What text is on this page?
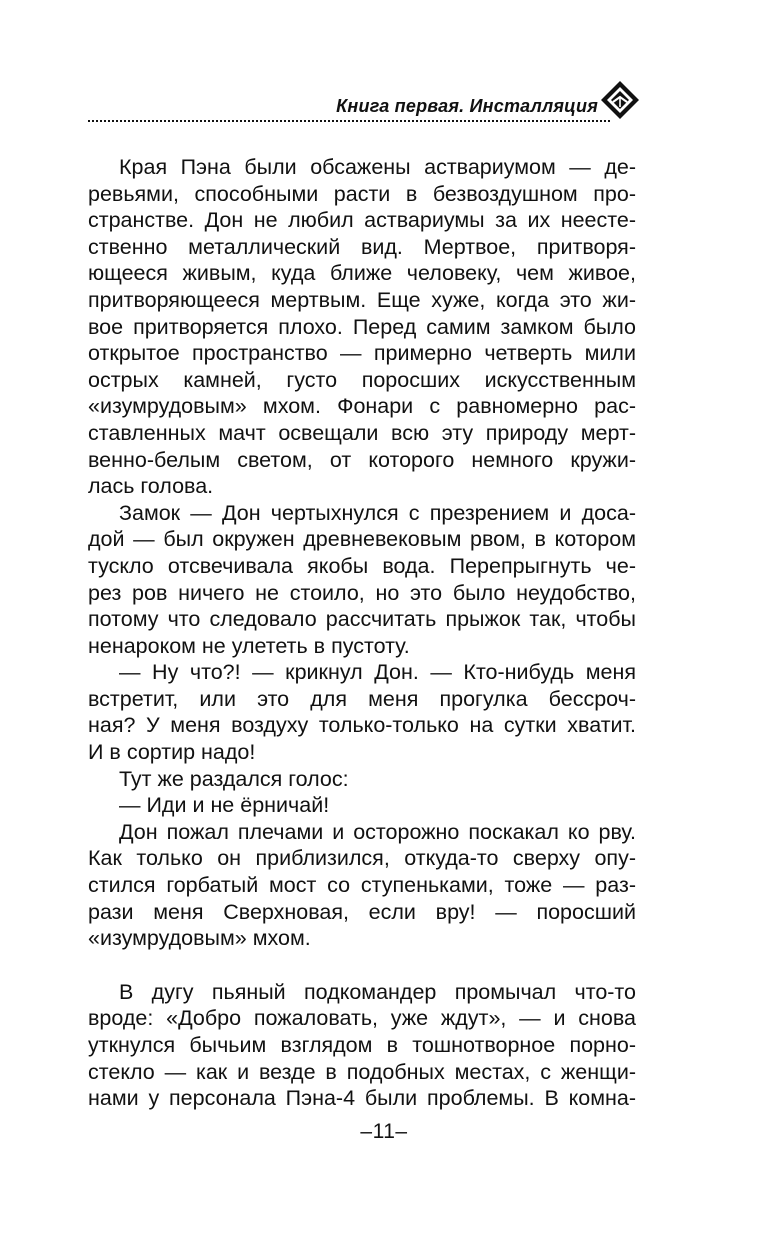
Книга первая. Инсталляция
Края Пэна были обсажены аствариумом — де-
ревьями, способными расти в безвоздушном про-
странстве. Дон не любил аствариумы за их неесте-
ственно металлический вид. Мертвое, притворя-
ющееся живым, куда ближе человеку, чем живое,
притворяющееся мертвым. Еще хуже, когда это жи-
вое притворяется плохо. Перед самим замком было
открытое пространство — примерно четверть мили
острых камней, густо поросших искусственным
«изумрудовым» мхом. Фонари с равномерно рас-
ставленных мачт освещали всю эту природу мерт-
венно-белым светом, от которого немного кружи-
лась голова.
Замок — Дон чертыхнулся с презрением и доса-
дой — был окружен древневековым рвом, в котором
тускло отсвечивала якобы вода. Перепрыгнуть че-
рез ров ничего не стоило, но это было неудобство,
потому что следовало рассчитать прыжок так, чтобы
ненароком не улететь в пустоту.
— Ну что?! — крикнул Дон. — Кто-нибудь меня
встретит, или это для меня прогулка бессроч-
ная? У меня воздуху только-только на сутки хватит.
И в сортир надо!
Тут же раздался голос:
— Иди и не ёрничай!
Дон пожал плечами и осторожно поскакал ко рву.
Как только он приблизился, откуда-то сверху опу-
стился горбатый мост со ступеньками, тоже — раз-
рази меня Сверхновая, если вру! — поросший
«изумрудовым» мхом.
В дугу пьяный подкомандер промычал что-то
вроде: «Добро пожаловать, уже ждут», — и снова
уткнулся бычьим взглядом в тошнотворное порно-
стекло — как и везде в подобных местах, с женщи-
нами у персонала Пэна-4 были проблемы. В комна-
–11–
